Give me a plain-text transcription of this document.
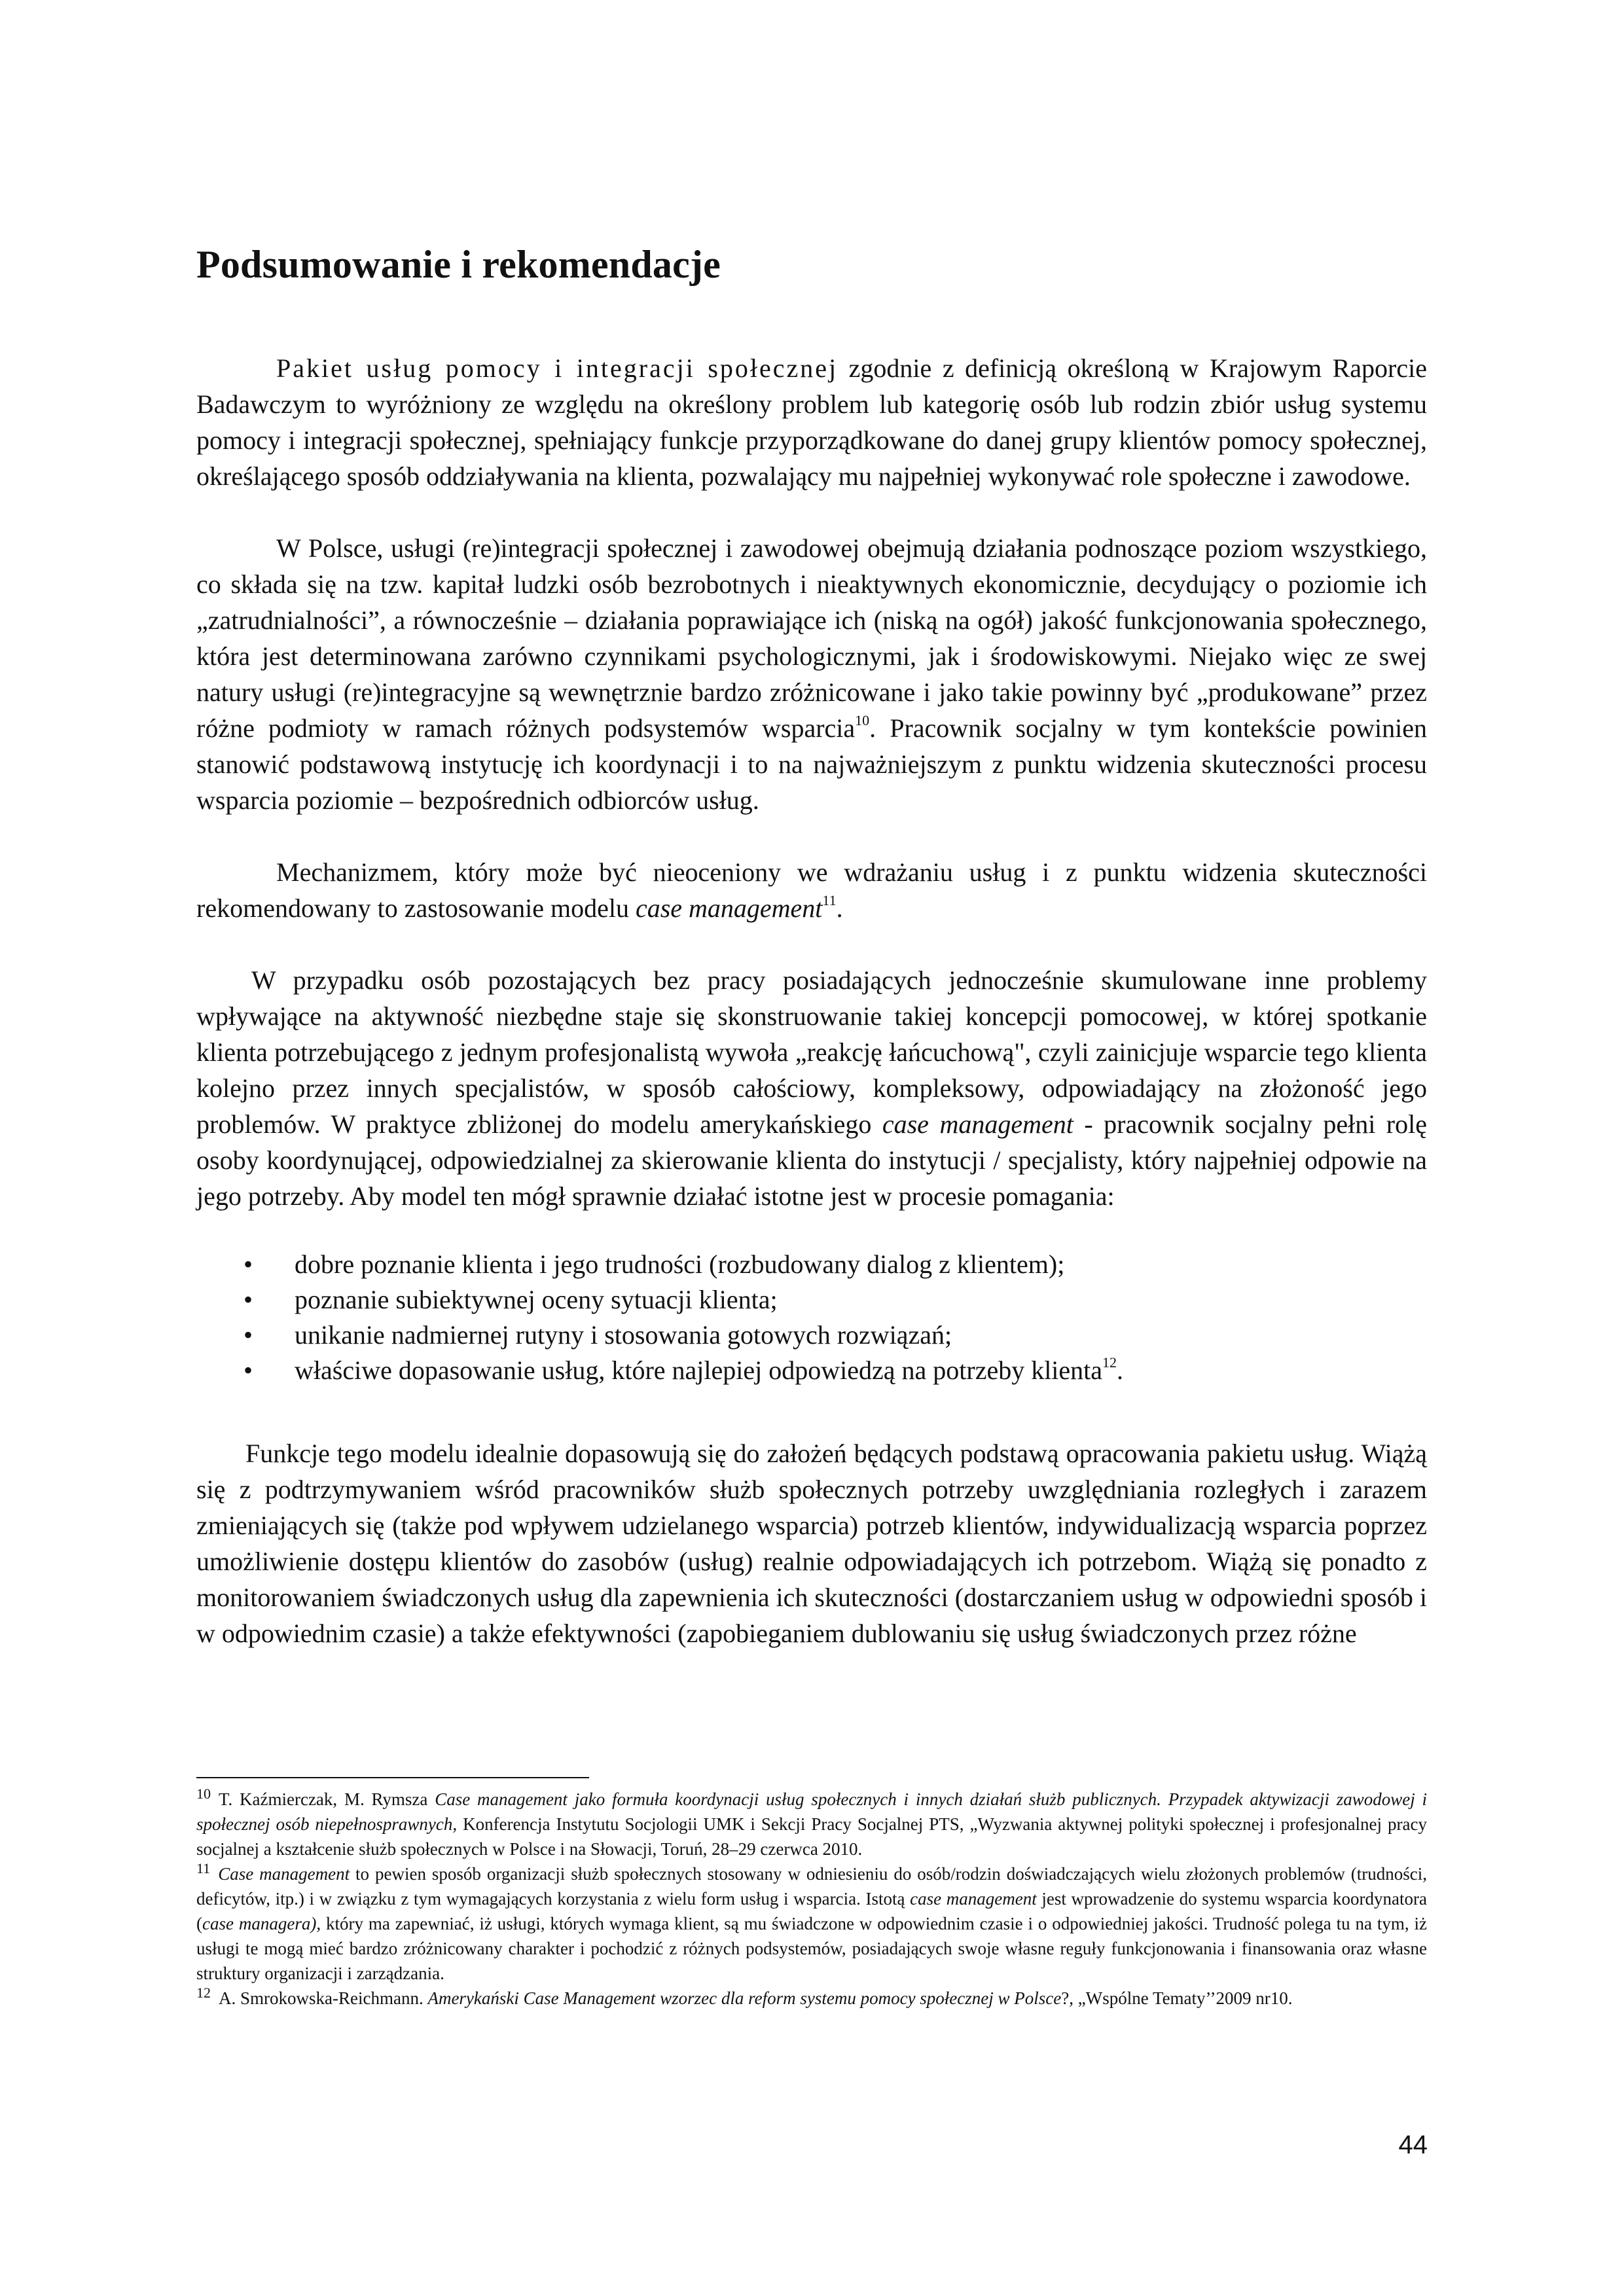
Podsumowanie i rekomendacje

Pakiet usług pomocy i integracji społecznej zgodnie z definicją określoną w Krajowym Raporcie Badawczym to wyróżniony ze względu na określony problem lub kategorię osób lub rodzin zbiór usług systemu pomocy i integracji społecznej, spełniający funkcje przyporządkowane do danej grupy klientów pomocy społecznej, określającego sposób oddziaływania na klienta, pozwalający mu najpełniej wykonywać role społeczne i zawodowe.

W Polsce, usługi (re)integracji społecznej i zawodowej obejmują działania podnoszące poziom wszystkiego, co składa się na tzw. kapitał ludzki osób bezrobotnych i nieaktywnych ekonomicznie, decydujący o poziomie ich „zatrudnialności”, a równocześnie – działania poprawiające ich (niską na ogół) jakość funkcjonowania społecznego, która jest determinowana zarówno czynnikami psychologicznymi, jak i środowiskowymi. Niejako więc ze swej natury usługi (re)integracyjne są wewnętrznie bardzo zróżnicowane i jako takie powinny być „produkowane” przez różne podmioty w ramach różnych podsystemów wsparcia$^{10}$. Pracownik socjalny w tym kontekście powinien stanowić podstawową instytucję ich koordynacji i to na najważniejszym z punktu widzenia skuteczności procesu wsparcia poziomie – bezpośrednich odbiorców usług.

Mechanizmem, który może być nieoceniony we wdrażaniu usług i z punktu widzenia skuteczności rekomendowany to zastosowanie modelu case management$^{11}$.

W przypadku osób pozostających bez pracy posiadających jednocześnie skumulowane inne problemy wpływające na aktywność niezbędne staje się skonstruowanie takiej koncepcji pomocowej, w której spotkanie klienta potrzebującego z jednym profesjonalistą wywoła „reakcję łańcuchową", czyli zainicjuje wsparcie tego klienta kolejno przez innych specjalistów, w sposób całościowy, kompleksowy, odpowiadający na złożoność jego problemów. W praktyce zbliżonej do modelu amerykańskiego case management - pracownik socjalny pełni rolę osoby koordynującej, odpowiedzialnej za skierowanie klienta do instytucji / specjalisty, który najpełniej odpowie na jego potrzeby. Aby model ten mógł sprawnie działać istotne jest w procesie pomagania:

• dobre poznanie klienta i jego trudności (rozbudowany dialog z klientem);
• poznanie subiektywnej oceny sytuacji klienta;
• unikanie nadmiernej rutyny i stosowania gotowych rozwiązań;
• właściwe dopasowanie usług, które najlepiej odpowiedzą na potrzeby klienta$^{12}$.

Funkcje tego modelu idealnie dopasowują się do założeń będących podstawą opracowania pakietu usług. Wiążą się z podtrzymywaniem wśród pracowników służb społecznych potrzeby uwzględniania rozległych i zarazem zmieniających się (także pod wpływem udzielanego wsparcia) potrzeb klientów, indywidualizacją wsparcia poprzez umożliwienie dostępu klientów do zasobów (usług) realnie odpowiadających ich potrzebom. Wiążą się ponadto z monitorowaniem świadczonych usług dla zapewnienia ich skuteczności (dostarczaniem usług w odpowiedni sposób i w odpowiednim czasie) a także efektywności (zapobieganiem dublowaniu się usług świadczonych przez różne

$^{10}$ T. Kaźmierczak, M. Rymsza Case management jako formuła koordynacji usług społecznych i innych działań służb publicznych. Przypadek aktywizacji zawodowej i społecznej osób niepełnosprawnych, Konferencja Instytutu Socjologii UMK i Sekcji Pracy Socjalnej PTS, „Wyzwania aktywnej polityki społecznej i profesjonalnej pracy socjalnej a kształcenie służb społecznych w Polsce i na Słowacji, Toruń, 28–29 czerwca 2010.

$^{11}$ Case management to pewien sposób organizacji służb społecznych stosowany w odniesieniu do osób/rodzin doświadczających wielu złożonych problemów (trudności, deficytów, itp.) i w związku z tym wymagających korzystania z wielu form usług i wsparcia. Istotą case management jest wprowadzenie do systemu wsparcia koordynatora (case managera), który ma zapewniać, iż usługi, których wymaga klient, są mu świadczone w odpowiednim czasie i o odpowiedniej jakości. Trudność polega tu na tym, iż usługi te mogą mieć bardzo zróżnicowany charakter i pochodzić z różnych podsystemów, posiadających swoje własne reguły funkcjonowania i finansowania oraz własne struktury organizacji i zarządzania.

$^{12}$ A. Smrokowska-Reichmann. Amerykański Case Management wzorzec dla reform systemu pomocy społecznej w Polsce?, „Wspólne Tematy’’2009 nr10.

44
